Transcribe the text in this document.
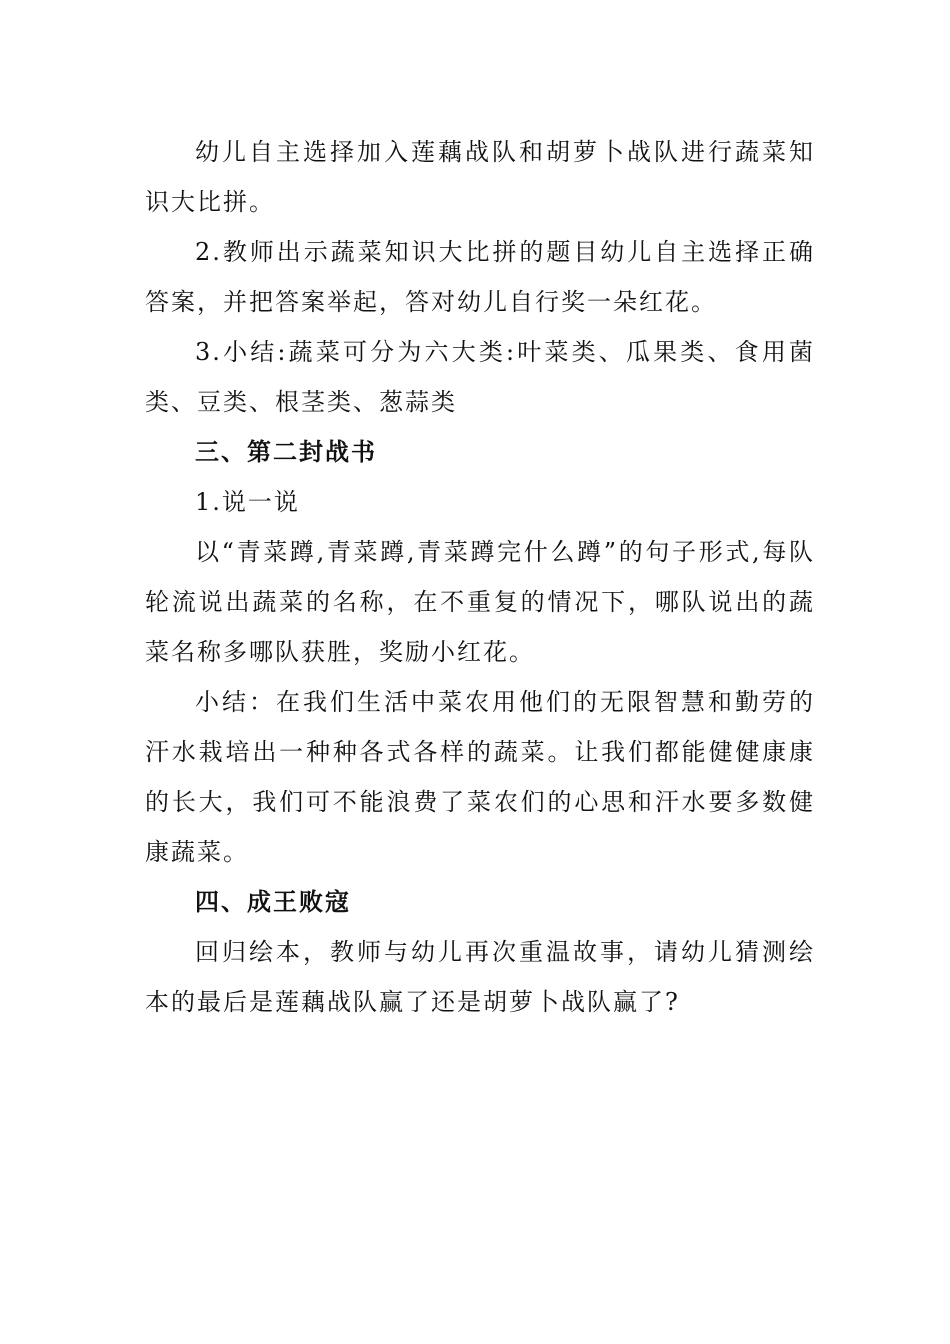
幼儿自主选择加入莲藕战队和胡萝卜战队进行蔬菜知识大比拼。

2.教师出示蔬菜知识大比拼的题目幼儿自主选择正确答案，并把答案举起，答对幼儿自行奖一朵红花。

3.小结:蔬菜可分为六大类:叶菜类、瓜果类、食用菌类、豆类、根茎类、葱蒜类

三、第二封战书

1.说一说

以“青菜蹲,青菜蹲,青菜蹲完什么蹲”的句子形式,每队轮流说出蔬菜的名称，在不重复的情况下，哪队说出的蔬菜名称多哪队获胜，奖励小红花。

小结：在我们生活中菜农用他们的无限智慧和勤劳的汗水栽培出一种种各式各样的蔬菜。让我们都能健健康康的长大，我们可不能浪费了菜农们的心思和汗水要多数健康蔬菜。

四、成王败寇

回归绘本，教师与幼儿再次重温故事，请幼儿猜测绘本的最后是莲藕战队赢了还是胡萝卜战队赢了?
